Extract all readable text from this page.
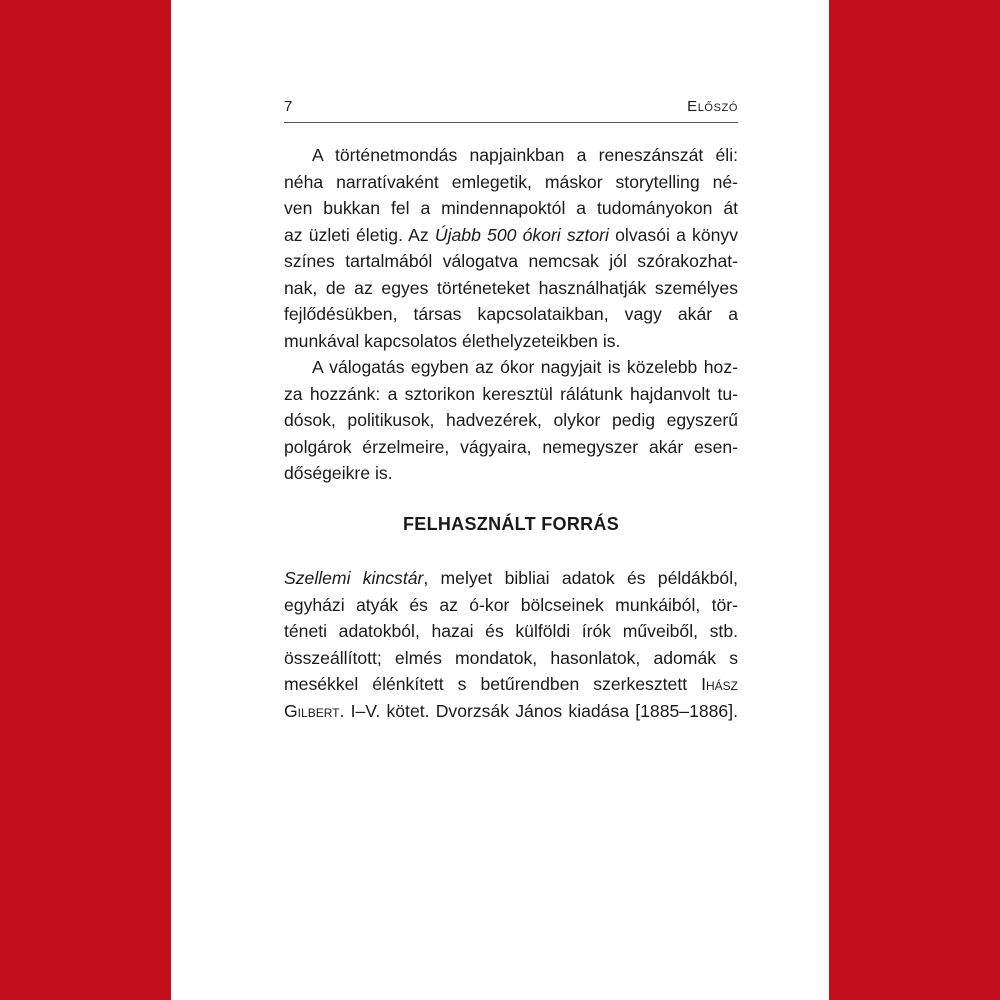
7	Előszó

A történetmondás napjainkban a reneszánszát éli:
néha narratívaként emlegetik, máskor storytelling né-
ven bukkan fel a mindennapoktól a tudományokon át
az üzleti életig. Az Újabb 500 ókori sztori olvasói a könyv
színes tartalmából válogatva nemcsak jól szórakozhat-
nak, de az egyes történeteket használhatják személyes
fejlődésükben, társas kapcsolataikban, vagy akár a
munkával kapcsolatos élethelyzeteikben is.

A válogatás egyben az ókor nagyjait is közelebb hoz-
za hozzánk: a sztorikon keresztül rálátunk hajdanvolt tu-
dósok, politikusok, hadvezérek, olykor pedig egyszerű
polgárok érzelmeire, vágyaira, nemegyszer akár esen-
dőségeikre is.

FELHASZNÁLT FORRÁS
Szellemi kincstár, melyet bibliai adatok és példákból,
egyházi atyák és az ó-kor bölcseinek munkáiból, tör-
téneti adatokból, hazai és külföldi írók műveiből, stb.
összeállított; elmés mondatok, hasonlatok, adomák s
mesékkel élénkített s betűrendben szerkesztett Ihász
Gilbert. I–V. kötet. Dvorzsák János kiadása [1885–1886].
